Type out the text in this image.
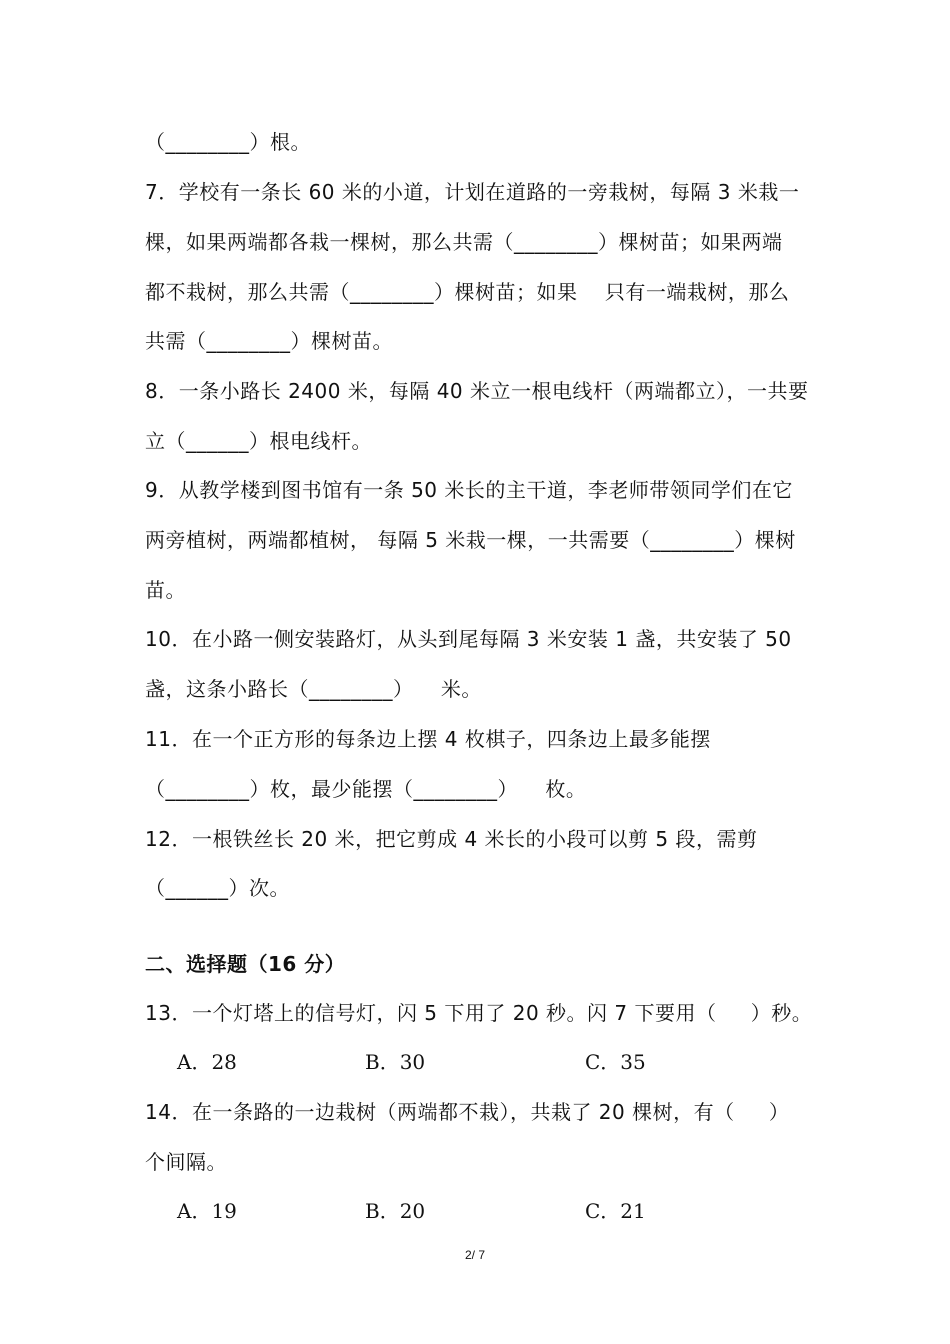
（________）根。
7．学校有一条长 60 米的小道，计划在道路的一旁栽树，每隔 3 米栽一
棵，如果两端都各栽一棵树，那么共需（________）棵树苗；如果两端
都不栽树，那么共需（________）棵树苗；如果    只有一端栽树，那么
共需（________）棵树苗。
8．一条小路长 2400 米，每隔 40 米立一根电线杆（两端都立），一共要
立（______）根电线杆。
9．从教学楼到图书馆有一条 50 米长的主干道，李老师带领同学们在它
两旁植树，两端都植树， 每隔 5 米栽一棵，一共需要（________）棵树
苗。
10．在小路一侧安装路灯，从头到尾每隔 3 米安装 1 盏，共安装了 50
盏，这条小路长（________）    米。
11．在一个正方形的每条边上摆 4 枚棋子，四条边上最多能摆
（________）枚，最少能摆（________）    枚。
12．一根铁丝长 20 米，把它剪成 4 米长的小段可以剪 5 段，需剪
（______）次。
二、选择题（16 分）
13．一个灯塔上的信号灯，闪 5 下用了 20 秒。闪 7 下要用（     ）秒。
A．28	B．30	C．35
14．在一条路的一边栽树（两端都不栽），共栽了 20 棵树，有（     ）
个间隔。
A．19	B．20	C．21
2/ 7
